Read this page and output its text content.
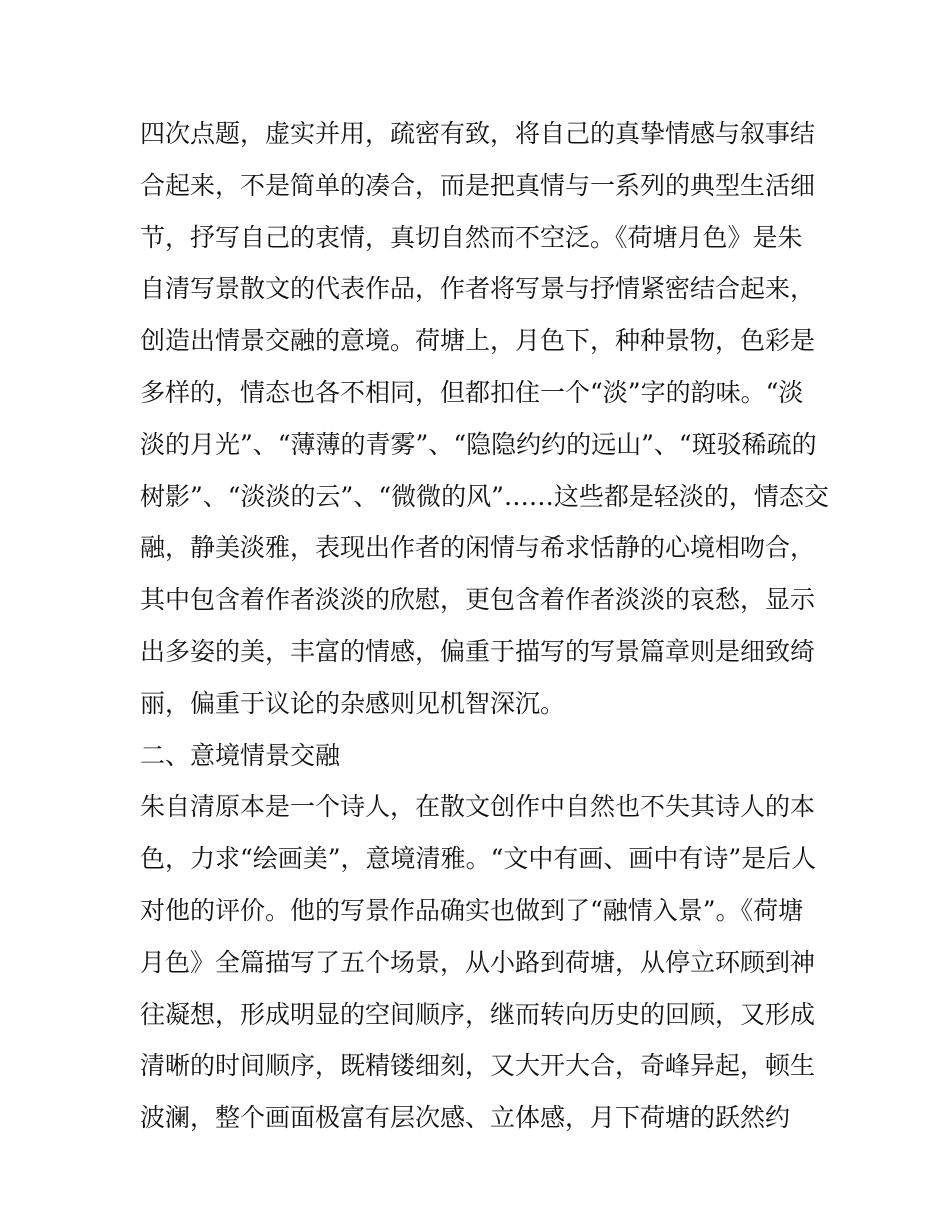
四次点题，虚实并用，疏密有致，将自己的真挚情感与叙事结
合起来，不是简单的凑合，而是把真情与一系列的典型生活细
节，抒写自己的衷情，真切自然而不空泛。《荷塘月色》是朱
自清写景散文的代表作品，作者将写景与抒情紧密结合起来，
创造出情景交融的意境。荷塘上，月色下，种种景物，色彩是
多样的，情态也各不相同，但都扣住一个“淡”字的韵味。“淡
淡的月光”、“薄薄的青雾”、“隐隐约约的远山”、“斑驳稀疏的
树影”、“淡淡的云”、“微微的风”……这些都是轻淡的，情态交
融，静美淡雅，表现出作者的闲情与希求恬静的心境相吻合，
其中包含着作者淡淡的欣慰，更包含着作者淡淡的哀愁，显示
出多姿的美，丰富的情感，偏重于描写的写景篇章则是细致绮
丽，偏重于议论的杂感则见机智深沉。
二、意境情景交融
朱自清原本是一个诗人，在散文创作中自然也不失其诗人的本
色，力求“绘画美”，意境清雅。“文中有画、画中有诗”是后人
对他的评价。他的写景作品确实也做到了“融情入景”。《荷塘
月色》全篇描写了五个场景，从小路到荷塘，从停立环顾到神
往凝想，形成明显的空间顺序，继而转向历史的回顾，又形成
清晰的时间顺序，既精镂细刻，又大开大合，奇峰异起，顿生
波澜，整个画面极富有层次感、立体感，月下荷塘的跃然约
